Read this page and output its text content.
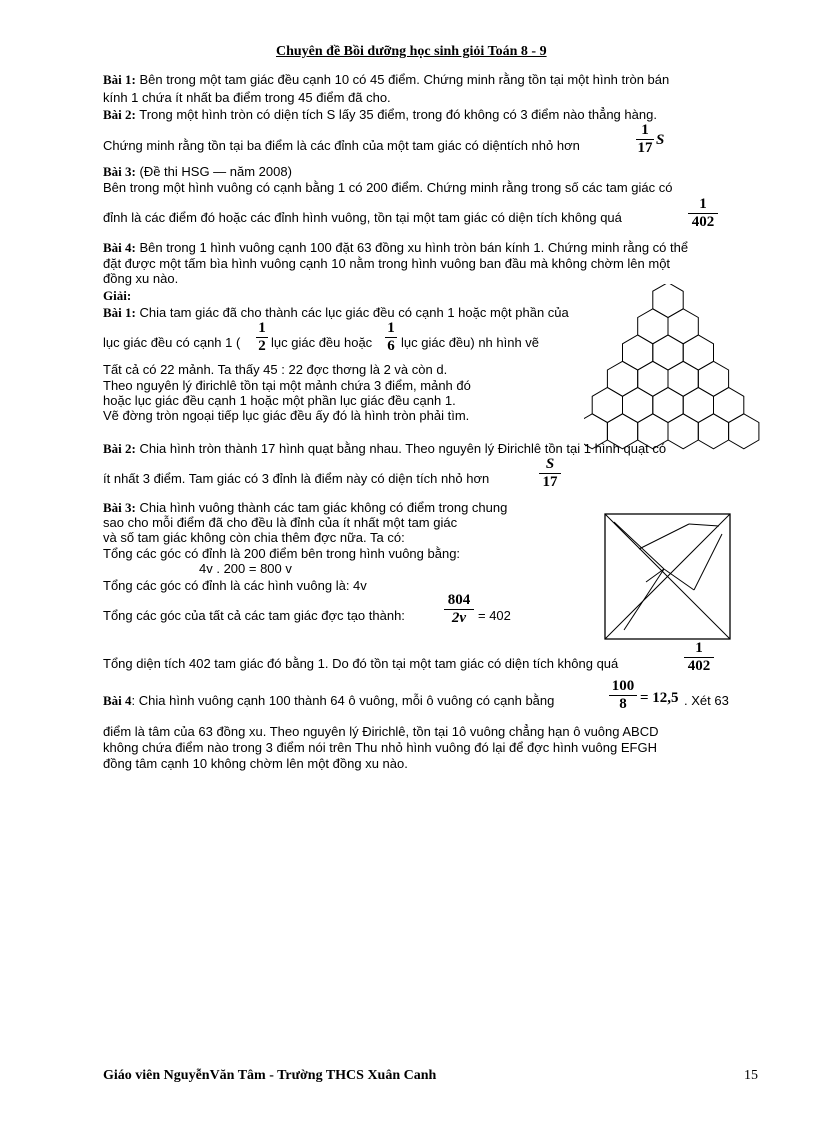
Chuyên đề Bồi dưỡng học sinh giỏi Toán 8 - 9
Bài 1: Bên trong một tam giác đều cạnh 10 có 45 điểm. Chứng minh rằng tồn tại một hình tròn bán
kính 1 chứa ít nhất ba điểm trong 45 điểm đã cho.
Bài 2: Trong một hình tròn có diện tích S lấy 35 điểm, trong đó không có 3 điểm nào thẳng hàng.
Chứng minh rằng tồn tại ba điểm là các đỉnh của một tam giác có diệntích nhỏ hơn
1
17 S
Bài 3: (Đề thi HSG — năm 2008)
Bên trong một hình vuông có cạnh bằng 1 có 200 điểm. Chứng minh rằng trong số các tam giác có
đỉnh là các điểm đó hoặc các đỉnh hình vuông, tồn tại một tam giác có diện tích không quá
1
402
Bài 4: Bên trong 1 hình vuông cạnh 100 đặt 63 đồng xu hình tròn bán kính 1. Chứng minh rằng có thể
đặt được một tấm bìa hình vuông cạnh 10 nằm trong hình vuông ban đầu mà không chờm lên một
đồng xu nào.
Giải:
Bài 1: Chia tam giác đã cho thành các lục giác đều có cạnh 1 hoặc một phần của
lục giác đều có cạnh 1 (
1
2 lục giác đều hoặc
1
6 lục giác đều) nh hình vẽ
Tất cả có 22 mảnh. Ta thấy 45 : 22 đợc thơng là 2 và còn d.
Theo nguyên lý đirichlê tồn tại một mảnh chứa 3 điểm, mảnh đó
hoặc lục giác đều cạnh 1 hoặc một phần lục giác đều cạnh 1.
Vẽ đờng tròn ngoại tiếp lục giác đều ấy đó là hình tròn phải tìm.
Bài 2: Chia hình tròn thành 17 hình quạt bằng nhau. Theo nguyên lý Đirichlê tồn tại 1 hình quạt có
ít nhất 3 điểm. Tam giác có 3 đỉnh là điểm này có diện tích nhỏ hơn
S
17
Bài 3: Chia hình vuông thành các tam giác không có điểm trong chung
sao cho mỗi điểm đã cho đều là đỉnh của ít nhất một tam giác
và số tam giác không còn chia thêm đợc nữa. Ta có:
Tổng các góc có đỉnh là 200 điểm bên trong hình vuông bằng:
4v . 200 = 800 v
Tổng các góc có đỉnh là các hình vuông là: 4v
Tổng các góc của tất cả các tam giác đợc tạo thành:
804
2v = 402
Tổng diện tích 402 tam giác đó bằng 1. Do đó tồn tại một tam giác có diện tích không quá
1
402
Bài 4: Chia hình vuông cạnh 100 thành 64 ô vuông, mỗi ô vuông có cạnh bằng
100
8 = 12,5 . Xét 63
điểm là tâm của 63 đồng xu. Theo nguyên lý Đirichlê, tồn tại 1ô vuông chẳng hạn ô vuông ABCD
không chứa điểm nào trong 3 điểm nói trên Thu nhỏ hình vuông đó lại để đợc hình vuông EFGH
đồng tâm cạnh 10 không chờm lên một đồng xu nào.
Giáo viên NguyễnVăn Tâm - Trường THCS Xuân Canh	15
